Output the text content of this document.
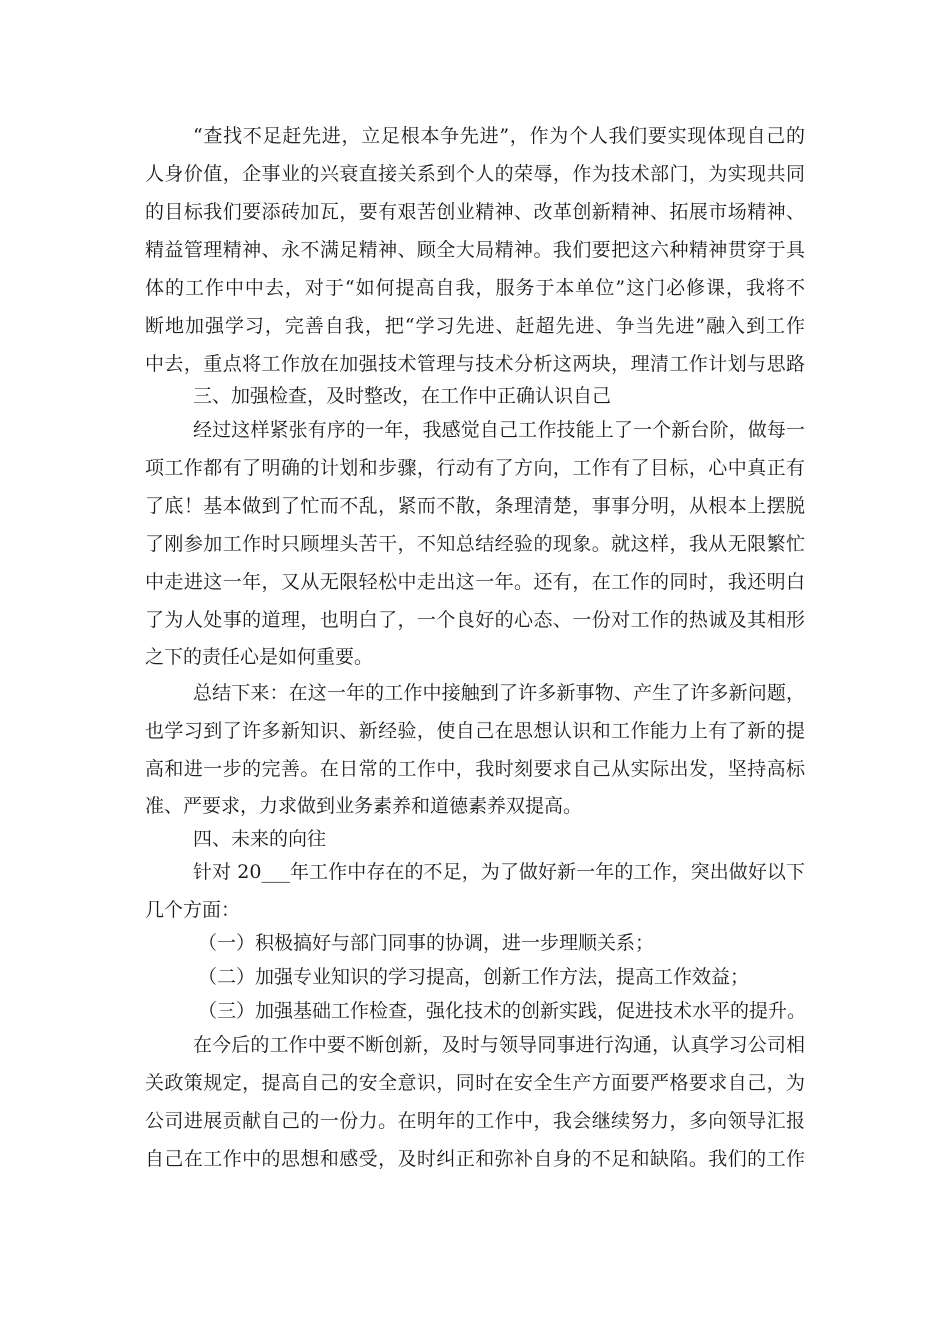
“查找不足赶先进，立足根本争先进”，作为个人我们要实现体现自己的
人身价值，企事业的兴衰直接关系到个人的荣辱，作为技术部门，为实现共同
的目标我们要添砖加瓦，要有艰苦创业精神、改革创新精神、拓展市场精神、
精益管理精神、永不满足精神、顾全大局精神。我们要把这六种精神贯穿于具
体的工作中中去，对于“如何提高自我，服务于本单位”这门必修课，我将不
断地加强学习，完善自我，把“学习先进、赶超先进、争当先进”融入到工作
中去，重点将工作放在加强技术管理与技术分析这两块，理清工作计划与思路
三、加强检查，及时整改，在工作中正确认识自己
经过这样紧张有序的一年，我感觉自己工作技能上了一个新台阶，做每一
项工作都有了明确的计划和步骤，行动有了方向，工作有了目标，心中真正有
了底！基本做到了忙而不乱，紧而不散，条理清楚，事事分明，从根本上摆脱
了刚参加工作时只顾埋头苦干，不知总结经验的现象。就这样，我从无限繁忙
中走进这一年，又从无限轻松中走出这一年。还有，在工作的同时，我还明白
了为人处事的道理，也明白了，一个良好的心态、一份对工作的热诚及其相形
之下的责任心是如何重要。
总结下来：在这一年的工作中接触到了许多新事物、产生了许多新问题，
也学习到了许多新知识、新经验，使自己在思想认识和工作能力上有了新的提
高和进一步的完善。在日常的工作中，我时刻要求自己从实际出发，坚持高标
准、严要求，力求做到业务素养和道德素养双提高。
四、未来的向往
针对 20___年工作中存在的不足，为了做好新一年的工作，突出做好以下
几个方面：
（一）积极搞好与部门同事的协调，进一步理顺关系；
（二）加强专业知识的学习提高，创新工作方法，提高工作效益；
（三）加强基础工作检查，强化技术的创新实践，促进技术水平的提升。
在今后的工作中要不断创新，及时与领导同事进行沟通，认真学习公司相
关政策规定，提高自己的安全意识，同时在安全生产方面要严格要求自己，为
公司进展贡献自己的一份力。在明年的工作中，我会继续努力，多向领导汇报
自己在工作中的思想和感受，及时纠正和弥补自身的不足和缺陷。我们的工作
